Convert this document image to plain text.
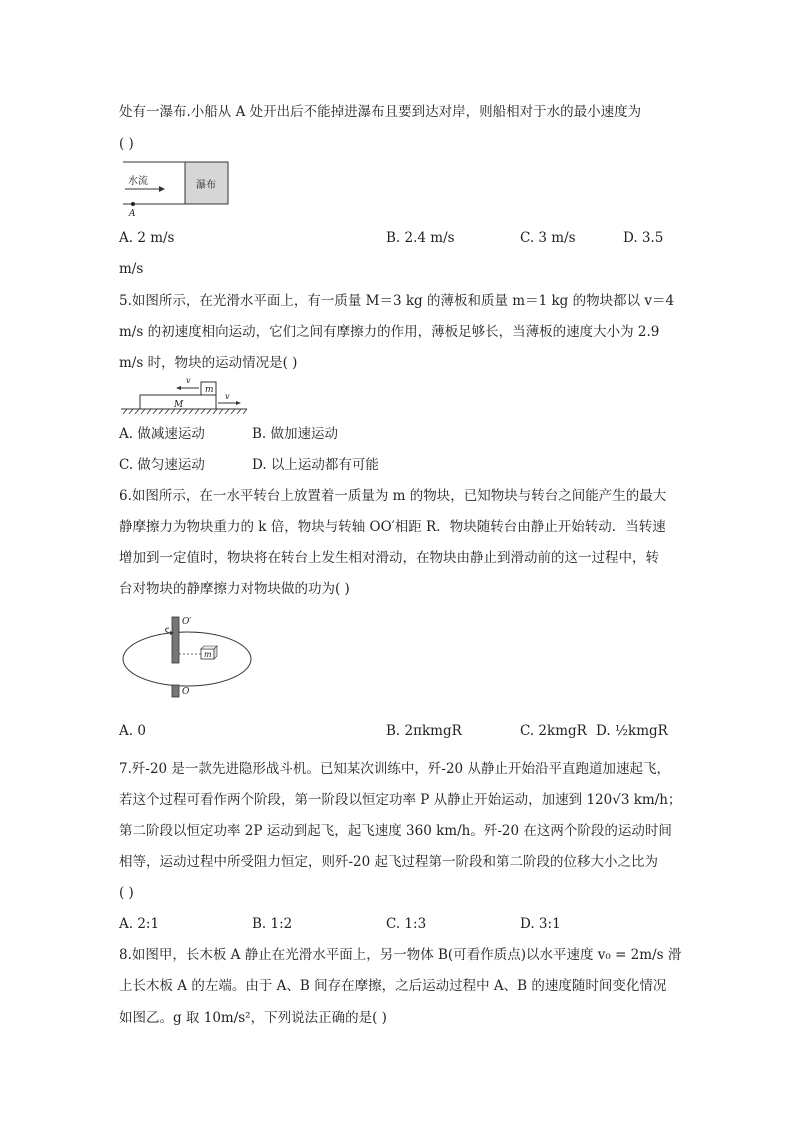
处有一瀑布.小船从 A 处开出后不能掉进瀑布且要到达对岸，则船相对于水的最小速度为
( )
水流	瀑布
A
A. 2 m/s	B. 2.4 m/s	C. 3 m/s	D. 3.5
m/s
5.如图所示，在光滑水平面上，有一质量 M＝3 kg 的薄板和质量 m＝1 kg 的物块都以 v＝4
m/s 的初速度相向运动，它们之间有摩擦力的作用，薄板足够长，当薄板的速度大小为 2.9
m/s 时，物块的运动情况是( )
m
M
v
v
A. 做减速运动	B. 做加速运动
C. 做匀速运动	D. 以上运动都有可能
6.如图所示，在一水平转台上放置着一质量为 m 的物块，已知物块与转台之间能产生的最大
静摩擦力为物块重力的 k 倍，物块与转轴 OO′相距 R．物块随转台由静止开始转动．当转速
增加到一定值时，物块将在转台上发生相对滑动，在物块由静止到滑动前的这一过程中，转
台对物块的静摩擦力对物块做的功为( )
O′
O
m
A. 0	B. 2πkmgR	C. 2kmgR D. ½kmgR
7.歼-20 是一款先进隐形战斗机。已知某次训练中，歼-20 从静止开始沿平直跑道加速起飞，
若这个过程可看作两个阶段，第一阶段以恒定功率 P 从静止开始运动，加速到 120√3 km/h；
第二阶段以恒定功率 2P 运动到起飞，起飞速度 360 km/h。歼-20 在这两个阶段的运动时间
相等，运动过程中所受阻力恒定，则歼-20 起飞过程第一阶段和第二阶段的位移大小之比为
( )
A. 2:1	B. 1:2	C. 1:3	D. 3:1
8.如图甲，长木板 A 静止在光滑水平面上，另一物体 B(可看作质点)以水平速度 v₀ = 2m/s 滑
上长木板 A 的左端。由于 A、B 间存在摩擦，之后运动过程中 A、B 的速度随时间变化情况
如图乙。g 取 10m/s²，下列说法正确的是( )
